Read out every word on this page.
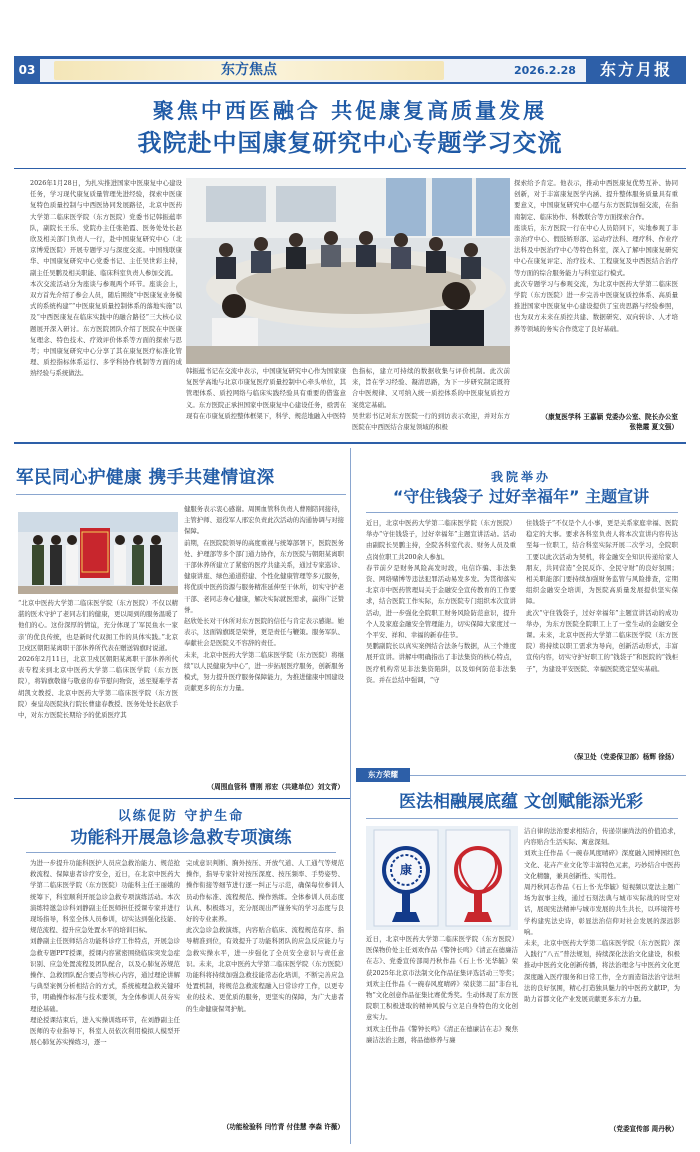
03	东方焦点	2026.2.28	东方月报
聚焦中西医融合 共促康复高质量发展
我院赴中国康复研究中心专题学习交流
2026年1月28日，为扎实推进国家中医康复中心建设任务，学习现代康复质量管理先进经验，探索中医康复特色质量控制与中西医协同发展路径，北京中医药大学第二临床医学院（东方医院）党委书记韩振蕴率队，副院长王乐、党院办主任张艳霞、医务处处长赵欣及相关部门负责人一行，赴中国康复研究中心（北京博爱医院）开展专题学习与深度交流。中国残联康华、中国康复研究中心党委书记、主任吴世彩主持，副主任吴鹏及相关职能、临床科室负责人参加交流。
本次交流活动分为座谈与参观两个环节。座谈会上，双方首先介绍了参会人员，随后围绕“中医康复业务模式的系统构建”“中医康复质量控制体系的落地实施”以及“中西医康复在临床实践中的融合路径”三大核心议题展开深入研讨。东方医院团队介绍了医院在中医康复理念、特色技术、疗效评价体系等方面的探索与思考；中国康复研究中心分享了其在康复医疗标准化管理、质控指标体系运行、多学科协作机制等方面的成熟经验与系统做法。	韩振蕴书记在交流中表示，中国康复研究中心作为国家康复医学高地与北京市康复医疗质量控制中心牵头单位，其管理体系、质控网络与临床实践经验具有重要的借鉴意义。东方医院正承担国家中医康复中心建设任务，亟需在现有在市康复质控整体框架下，科学、规范地融入中医特
色指标，建立可持续的数据收集与评价机制。此次前来，旨在学习经验、凝清思路，为下一步研究制定既符合中医规律、又可纳入统一质控体系的中医康复质控方案奠定基础。
吴世彩书记对东方医院一行的到访表示欢迎，并对东方医院在中西医结合康复领域的积极
探索给予肯定。他表示，推动中西医康复优势互补、协同创新，对于丰富康复医学内涵、提升整体服务质量具有重要意义，中国康复研究中心愿与东方医院加强交流，在指南制定、临床协作、科教联合等方面探索合作。
座谈后，东方医院一行在中心人员陪同下，实地参观了非亲治疗中心、假肢矫形部、运动疗法科、理疗科、作业疗法科及中医治疗中心等特色科室，深入了解中国康复研究中心在康复评定、治疗技术、工程康复及中西医结合治疗等方面的综合服务能力与科室运行模式。
此次专题学习与参观交流，为北京中医药大学第二临床医学院（东方医院）进一步完善中医康复质控体系、高质量推进国家中医康复中心建设提供了宝贵思路与经验参照，也为双方未来在质控共建、数据研究、双向转诊、人才培养等领域的务实合作奠定了良好基础。
（康复医学科 王嘉颖 党委办公室、院长办公室
张艳霞 夏文强）
军民同心护健康 携手共建情谊深
“北京中医药大学第二临床医学院（东方医院）不仅以精湛的医术守护了老同志们的健康，更以周到的服务温暖了他们的心。这份深厚的情谊，充分体现了‘军民鱼水一家亲’的优良传统，也是新时代双拥工作的具体实践。”北京卫戍区朝阳某离职干部休养所代表在赠送锦旗时说道。
2026年2月11日，北京卫戍区朝阳某离职干部休养所代表专程来到北京中医药大学第二临床医学院（东方医院），将锦旗敬谢与敬意的春节慰问物资，送至疑难学者胡凯文教授、北京中医药大学第二临床医学院（东方医院）秦皇岛医院执行院长曹建春教授、医务处处长赵欣手中，对东方医院长期给予的优质医疗其
健服务表示衷心感谢。周围血管科负责人曹刚陪同接待，主管护师、退役军人邢宏负责此次活动的沟通协调与对接保障。
前期，在医院院领导的高度重视与统筹部署下，医院医务处、护理部等多个部门通力协作，东方医院与朝阳某离职干部休养所建立了紧密的医疗共建关系，通过专家巡诊、健康讲座、绿色通道搭建、个性化健康管理等多元服务，将优质中医药资源与服务精准延伸至干休所，切实守护老干部、老同志身心健康，解决实际就医需求，赢得广泛赞誉。
赵欣处长对干休所对东方医院的信任与肯定表示感谢。她表示，这面锦旗既是荣誉，更是责任与鞭策。服务军队、奉献社会是医院义不容辞的责任。
未来，北京中医药大学第二临床医学院（东方医院）将继续“以人民健康为中心”，进一步拓展医疗服务，创新服务模式，努力提升医疗服务保障能力，为推进健康中国建设贡献更多的东方力量。
（周围血管科 曹刚 邢宏（共建单位）刘文青）
我院举办
“守住钱袋子 过好幸福年” 主题宣讲
近日，北京中医药大学第二临床医学院（东方医院）举办“守住钱袋子，过好幸福年”主题宣讲活动。活动由副院长吴鹏主持，全院各科室代表、财务人员及重点岗位职工共200余人参加。
春节前夕是财务风险高发时段，电信诈骗、非法集资、网络赌博等违法犯罪活动易发多发。为贯彻落实北京市中医药管理局关于金融安全宣传教育的工作要求，结合医院工作实际，东方医院专门组织本次宣讲活动，进一步强化全院职工财务风险防范意识，提升个人及家庭金融安全管理能力，切实保障大家度过一个平安、祥和、幸福的新春佳节。
吴鹏副院长以真实案例结合法条与数据，从三个维度展开宣讲。讲解中明确指出了非法集资的核心特点，医疗机构常见非法集资陷阱，以及如何防范非法集资。并在总结中强调，“守
住钱袋子”不仅是个人小事，更是关系家庭幸福、医院稳定的大事。要求各科室负责人将本次宣讲内容传达至每一位职工，结合科室实际开展二次学习，全院职工要以此次活动为契机，将金融安全知识传递给家人朋友，共同营造“全民反诈、全民守财”的良好氛围；相关职能部门要持续加强财务监管与风险排查，定期组织金融安全培训，为医院高质量发展提供坚实保障。
此次“守住钱袋子，过好幸福年”主题宣讲活动的成功举办，为东方医院全院职工上了一堂生动的金融安全课。未来，北京中医药大学第二临床医学院（东方医院）将持续以职工需求为导向，创新活动形式，丰富宣传内容，切实守护好职工的“钱袋子”和医院的“钱柜子”，为建设平安医院、幸福医院奠定坚实基础。
（保卫处（党委保卫部）杨辉 徐扬）
以练促防 守护生命
功能科开展急诊急救专项演练
为进一步提升功能科医护人员应急救治能力、规范抢救流程、保障患者诊疗安全，近日，在北京中医药大学第二临床医学院（东方医院）功能科主任王丽娥的统筹下，科室顺利开展急诊急救专项演练活动。本次演练特邀急诊科刘静副主任医师担任授课专家并进行现场指导，科室全体人员参训，切实达到强化技能、规范流程、提升应急处置水平的培训目标。
刘静副主任医师结合功能科诊疗工作特点，开展急诊急救专题PPT授课，授课内容紧密围绕临床突发急症识别、应急处置流程及团队配合，以及心肺复苏规范操作、急救团队配合要点等核心内容，通过理论讲解与典型案例分析相结合的方式，系统梳理急救关键环节，明确操作标准与技术要领，为全体参训人员夯实理论基础。
理论授课结束后，进入实操训练环节，在刘静副主任医师的专业指导下，科室人员依次利用模拟人模型开展心肺复苏实操练习，逐一
完成意识判断、胸外按压、开放气道、人工通气等规范操作，指导专家针对按压深度、按压频率、手势姿势、操作衔接等细节进行逐一纠正与示范，确保每位参训人员动作标准、流程规范、操作熟练。全体参训人员态度认真、积极练习，充分展现出严谨务实的学习态度与良好的专业素养。
此次急诊急救演练，内容贴合临床、流程规范有序、指导精准到位，有效提升了功能科团队的应急反应能力与急救实操水平，进一步强化了全员安全意识与责任意识。未来，北京中医药大学第二临床医学院（东方医院）功能科将持续加强急救技能常态化培训，不断完善应急处置机制，将规范急救流程融入日常诊疗工作，以更专业的技术、更优质的服务，更坚实的保障，为广大患者的生命健康保驾护航。
（功能检验科 闫竹青 付佳慧 李森 许薇）
东方荣耀
医法相融展底蕴 文创赋能添光彩
康
近日，北京中医药大学第二临床医学院（东方医院）医保物价处主任刘欢作品《警钟长鸣》《清正在德廉洁在志》、党委宣传部周丹秋作品《石上书·光华毓》荣获2025年北京市法制文化作品征集评选活动三等奖；刘欢主任作品《一碗春风度晴碎》荣获第二届“非台礼物”文化创意作品征集比赛优秀奖。生动体现了东方医院职工积极进取的精神风貌与立足自身特色的文化创意实力。
刘欢主任作品《警钟长鸣》《清正在德廉洁在志》聚焦廉洁法治主题，将品德修养与廉
洁自律的法治要求相结合，传递崇廉尚法的价值追求，内容贴合生活实际、寓意深刻。
刘欢主任作品《一碗春风度晴碎》深度融入园博园红色文化、花卉产业文化等丰富特色元素，巧妙结合中医药文化精髓，兼具创新性、实用性。
周丹秋同志作品《石上书·光华毓》短视频以宽法主题广场为叙事主线，通过石刻法典与城市实际战的时空对话，展现宪法精神与城市发展的共生共长，以环境符号学构建宪法史诗，彰显法治信仰对社会发展的深远影响。
未来，北京中医药大学第二临床医学院（东方医院）深入践行“八五”普法规划，持续深化法治文化建设，积极推动中医药文化创新传播，将法治理念与中医药文化更深度融入医疗服务和日常工作，全方面造诣法治守法坦法的良好氛围，精心打造独具魅力的中医药文献IP，为助力首都文化产业发展贡献更多东方力量。
（党委宣传部 周丹秋）
